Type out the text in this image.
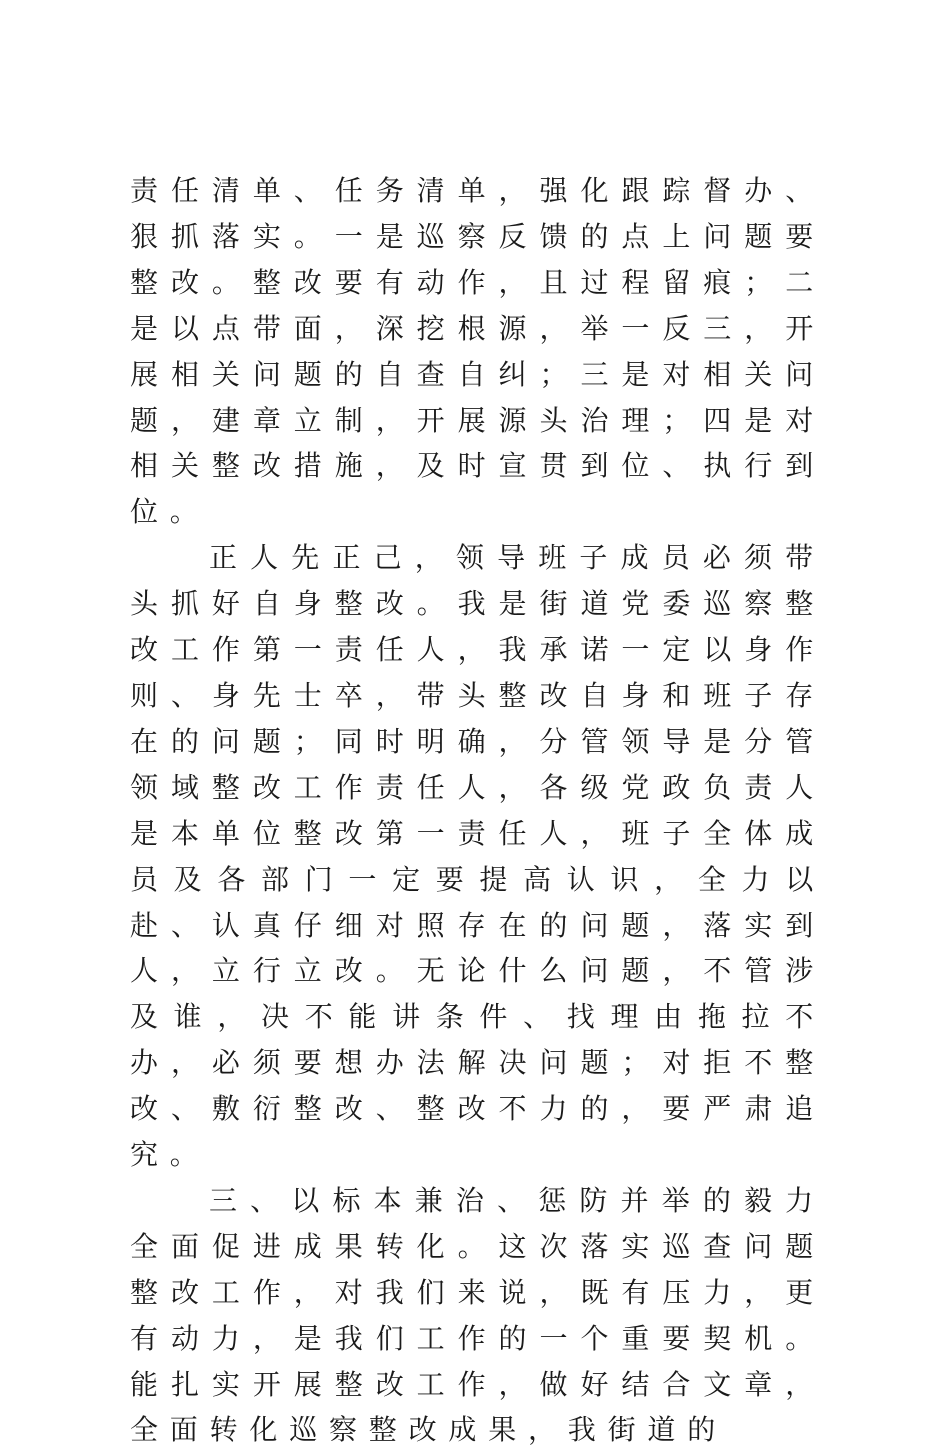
责任清单、任务清单，强化跟踪督办、狠抓落实。一是巡察反馈的点上问题要整改。整改要有动作，且过程留痕；二是以点带面，深挖根源，举一反三，开展相关问题的自查自纠；三是对相关问题，建章立制，开展源头治理；四是对相关整改措施，及时宣贯到位、执行到位。

正人先正己，领导班子成员必须带头抓好自身整改。我是街道党委巡察整改工作第一责任人，我承诺一定以身作则、身先士卒，带头整改自身和班子存在的问题；同时明确，分管领导是分管领域整改工作责任人，各级党政负责人是本单位整改第一责任人，班子全体成员及各部门一定要提高认识，全力以赴、认真仔细对照存在的问题，落实到人，立行立改。无论什么问题，不管涉及谁，决不能讲条件、找理由拖拉不办，必须要想办法解决问题；对拒不整改、敷衍整改、整改不力的，要严肃追究。

三、以标本兼治、惩防并举的毅力全面促进成果转化。这次落实巡查问题整改工作，对我们来说，既有压力，更有动力，是我们工作的一个重要契机。能扎实开展整改工作，做好结合文章，全面转化巡察整改成果，我街道的
